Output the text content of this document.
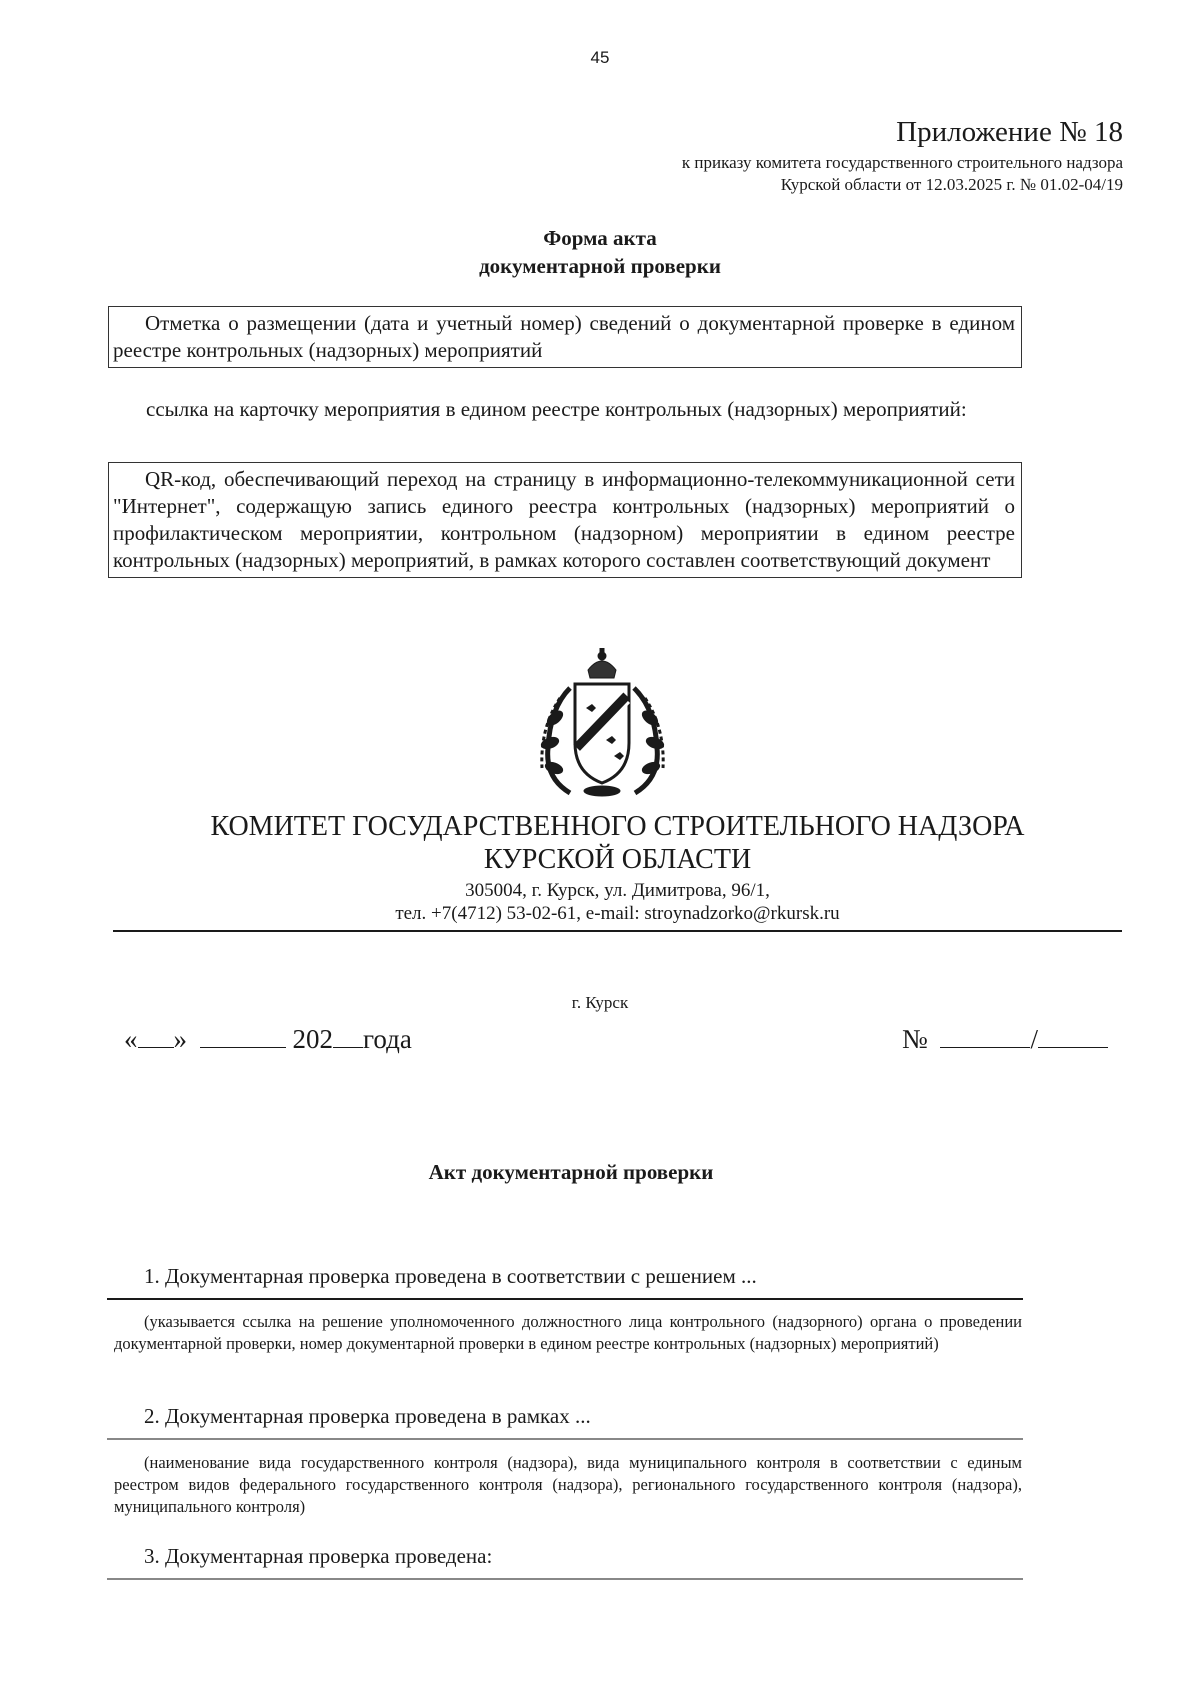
45
Приложение № 18
к приказу комитета государственного строительного надзора
Курской области от 12.03.2025 г. № 01.02-04/19
Форма акта
документарной проверки
Отметка о размещении (дата и учетный номер) сведений о документарной проверке в едином реестре контрольных (надзорных) мероприятий
ссылка на карточку мероприятия в едином реестре контрольных (надзорных) мероприятий:
QR-код, обеспечивающий переход на страницу в информационно-телекоммуникационной сети "Интернет", содержащую запись единого реестра контрольных (надзорных) мероприятий о профилактическом мероприятии, контрольном (надзорном) мероприятии в едином реестре контрольных (надзорных) мероприятий, в рамках которого составлен соответствующий документ
КОМИТЕТ ГОСУДАРСТВЕННОГО СТРОИТЕЛЬНОГО НАДЗОРА
КУРСКОЙ ОБЛАСТИ
305004, г. Курск, ул. Димитрова, 96/1,
тел. +7(4712) 53-02-61, e-mail: stroynadzorko@rkursk.ru
г. Курск
« »	202 года	№	/
Акт документарной проверки
1. Документарная проверка проведена в соответствии с решением ...
(указывается ссылка на решение уполномоченного должностного лица контрольного (надзорного) органа о проведении документарной проверки, номер документарной проверки в едином реестре контрольных (надзорных) мероприятий)
2. Документарная проверка проведена в рамках ...
(наименование вида государственного контроля (надзора), вида муниципального контроля в соответствии с единым реестром видов федерального государственного контроля (надзора), регионального государственного контроля (надзора), муниципального контроля)
3. Документарная проверка проведена:
